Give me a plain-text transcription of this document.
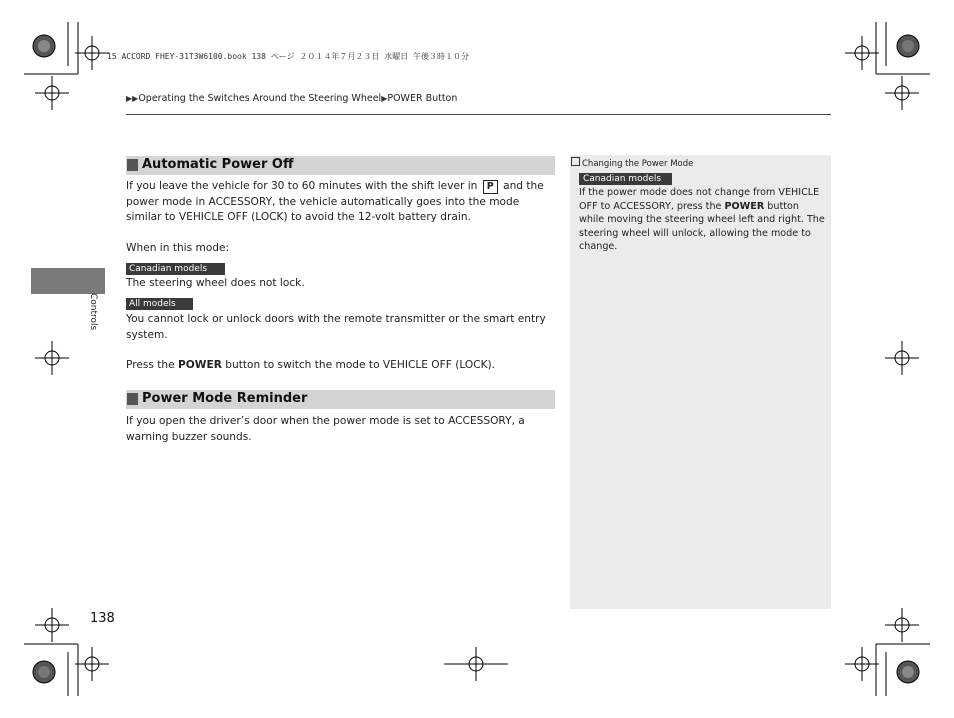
15 ACCORD FHEY-31T3W6100.book 138 ページ ２０１４年７月２３日 水曜日 午後３時１０分
▶▶Operating the Switches Around the Steering Wheel▶POWER Button
Controls
Automatic Power Off
If you leave the vehicle for 30 to 60 minutes with the shift lever in P and the power mode in ACCESSORY, the vehicle automatically goes into the mode similar to VEHICLE OFF (LOCK) to avoid the 12-volt battery drain.
When in this mode:
Canadian models
The steering wheel does not lock.
All models
You cannot lock or unlock doors with the remote transmitter or the smart entry system.
Press the POWER button to switch the mode to VEHICLE OFF (LOCK).
Power Mode Reminder
If you open the driver’s door when the power mode is set to ACCESSORY, a warning buzzer sounds.
Changing the Power Mode
Canadian models
If the power mode does not change from VEHICLE OFF to ACCESSORY, press the POWER button while moving the steering wheel left and right. The steering wheel will unlock, allowing the mode to change.
138
